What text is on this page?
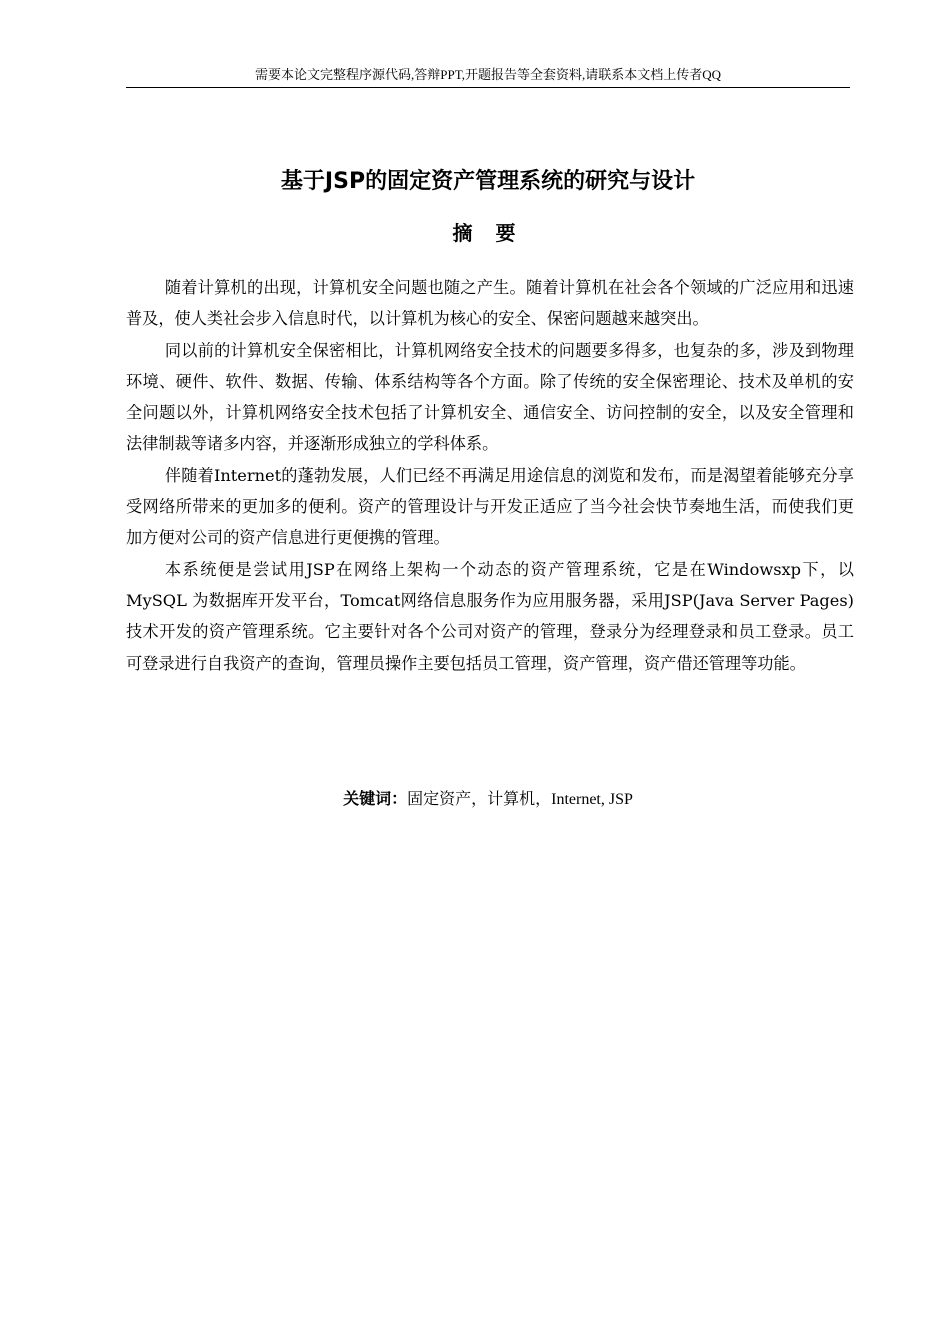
需要本论文完整程序源代码,答辩PPT,开题报告等全套资料,请联系本文档上传者QQ
基于JSP的固定资产管理系统的研究与设计
摘 要

随着计算机的出现，计算机安全问题也随之产生。随着计算机在社会各个领域的广泛应用和迅速普及，使人类社会步入信息时代，以计算机为核心的安全、保密问题越来越突出。

同以前的计算机安全保密相比，计算机网络安全技术的问题要多得多，也复杂的多，涉及到物理环境、硬件、软件、数据、传输、体系结构等各个方面。除了传统的安全保密理论、技术及单机的安全问题以外，计算机网络安全技术包括了计算机安全、通信安全、访问控制的安全，以及安全管理和法律制裁等诸多内容，并逐渐形成独立的学科体系。

伴随着Internet的蓬勃发展，人们已经不再满足用途信息的浏览和发布，而是渴望着能够充分享受网络所带来的更加多的便利。资产的管理设计与开发正适应了当今社会快节奏地生活，而使我们更加方便对公司的资产信息进行更便携的管理。

本系统便是尝试用JSP在网络上架构一个动态的资产管理系统，它是在Windowsxp下，以MySQL 为数据库开发平台，Tomcat网络信息服务作为应用服务器，采用JSP(Java Server Pages)技术开发的资产管理系统。它主要针对各个公司对资产的管理，登录分为经理登录和员工登录。员工可登录进行自我资产的查询，管理员操作主要包括员工管理，资产管理，资产借还管理等功能。

关键词：固定资产，计算机，Internet, JSP
